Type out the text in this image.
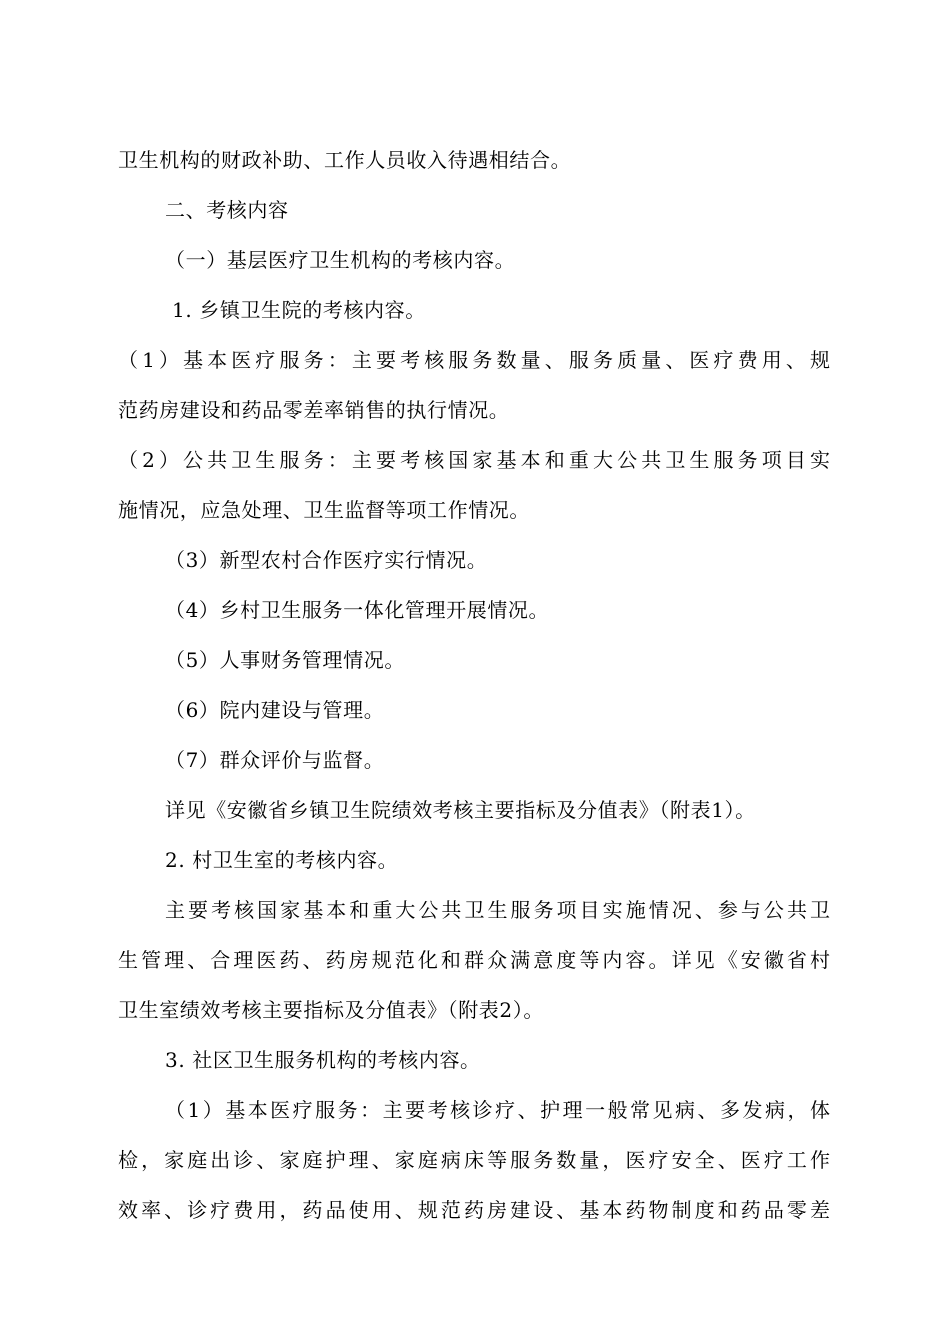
卫生机构的财政补助、工作人员收入待遇相结合。
二、考核内容
（一）基层医疗卫生机构的考核内容。
1. 乡镇卫生院的考核内容。
（1）基本医疗服务：主要考核服务数量、服务质量、医疗费用、规
范药房建设和药品零差率销售的执行情况。
（2）公共卫生服务：主要考核国家基本和重大公共卫生服务项目实
施情况，应急处理、卫生监督等项工作情况。
（3）新型农村合作医疗实行情况。
（4）乡村卫生服务一体化管理开展情况。
（5）人事财务管理情况。
（6）院内建设与管理。
（7）群众评价与监督。
详见《安徽省乡镇卫生院绩效考核主要指标及分值表》（附表1）。
2. 村卫生室的考核内容。
主要考核国家基本和重大公共卫生服务项目实施情况、参与公共卫
生管理、合理医药、药房规范化和群众满意度等内容。详见《安徽省村
卫生室绩效考核主要指标及分值表》（附表2）。
3. 社区卫生服务机构的考核内容。
（1）基本医疗服务：主要考核诊疗、护理一般常见病、多发病，体
检，家庭出诊、家庭护理、家庭病床等服务数量，医疗安全、医疗工作
效率、诊疗费用，药品使用、规范药房建设、基本药物制度和药品零差
